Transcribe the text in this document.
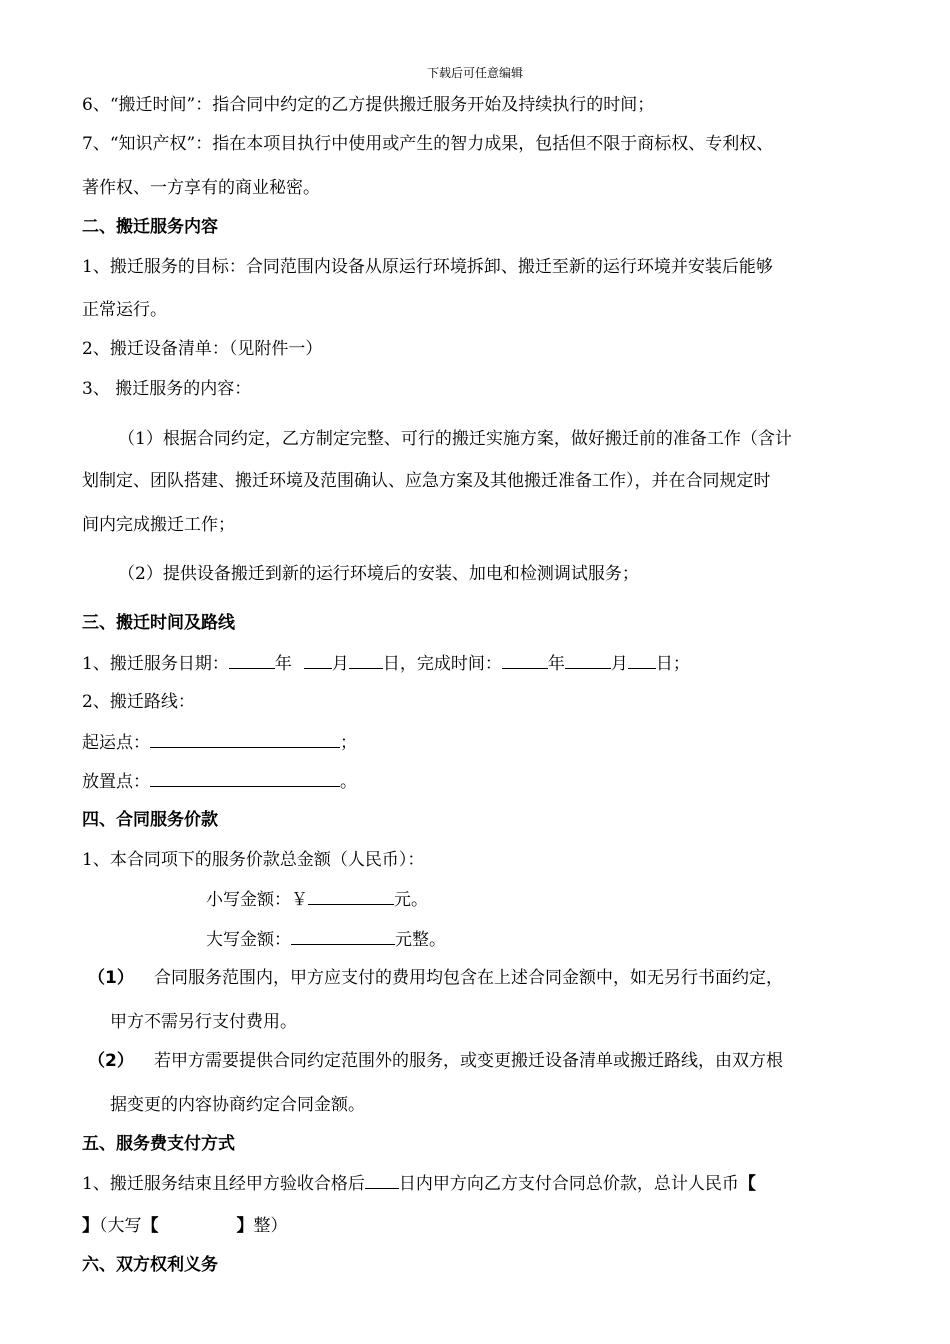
下载后可任意编辑
6、“搬迁时间”：指合同中约定的乙方提供搬迁服务开始及持续执行的时间；
7、“知识产权”：指在本项目执行中使用或产生的智力成果，包括但不限于商标权、专利权、
著作权、一方享有的商业秘密。
二、搬迁服务内容
1、搬迁服务的目标：合同范围内设备从原运行环境拆卸、搬迁至新的运行环境并安装后能够
正常运行。
2、搬迁设备清单：（见附件一）
3、 搬迁服务的内容：
（1）根据合同约定，乙方制定完整、可行的搬迁实施方案，做好搬迁前的准备工作（含计
划制定、团队搭建、搬迁环境及范围确认、应急方案及其他搬迁准备工作），并在合同规定时
间内完成搬迁工作；
（2）提供设备搬迁到新的运行环境后的安装、加电和检测调试服务；
三、搬迁时间及路线
1、搬迁服务日期：	年 月 日，完成时间：	年	月 日；
2、搬迁路线：
起运点：	；
放置点：	。
四、合同服务价款
1、本合同项下的服务价款总金额（人民币）：
小写金额：￥	元。
大写金额：	元整。
（1） 合同服务范围内，甲方应支付的费用均包含在上述合同金额中，如无另行书面约定，
甲方不需另行支付费用。
（2） 若甲方需要提供合同约定范围外的服务，或变更搬迁设备清单或搬迁路线，由双方根
据变更的内容协商约定合同金额。
五、服务费支付方式
1、搬迁服务结束且经甲方验收合格后 日内甲方向乙方支付合同总价款，总计人民币【
】（大写【	】整）
六、双方权利义务
